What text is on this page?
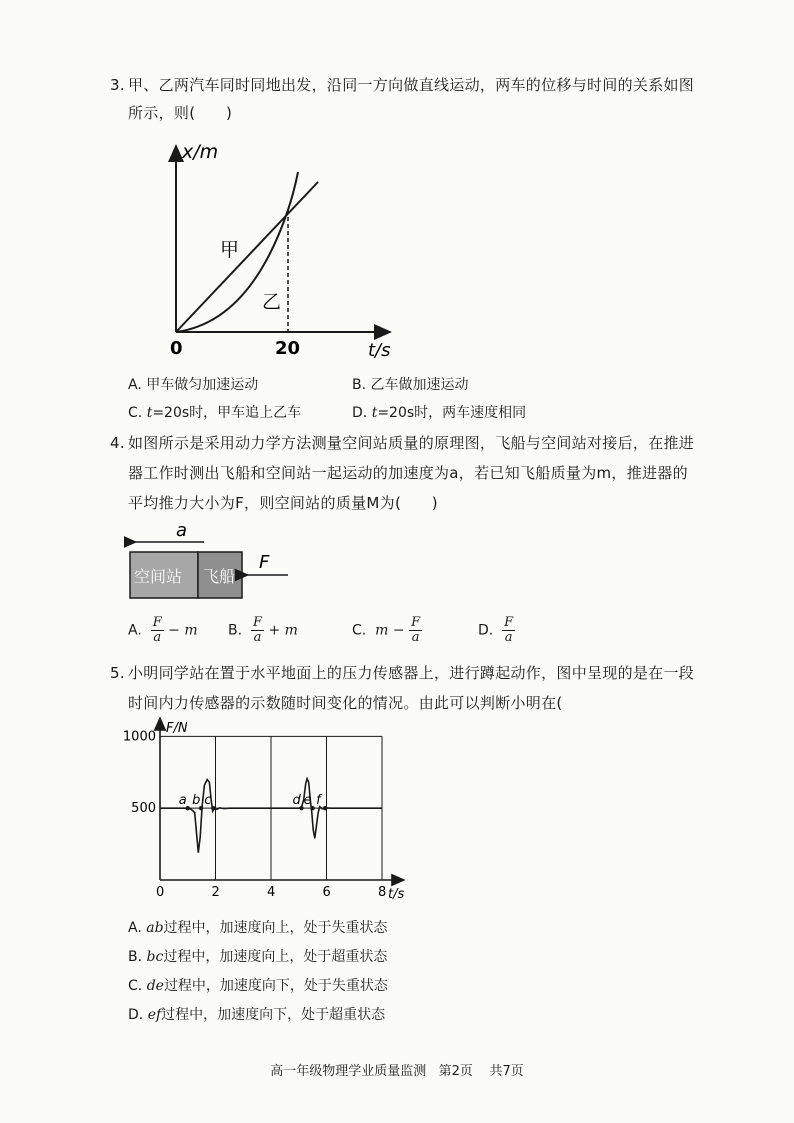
3. 甲、乙两汽车同时同地出发，沿同一方向做直线运动，两车的位移与时间的关系如图
所示，则(　　)
x/m
t/s
0	20
甲
乙
A. 甲车做匀加速运动	B. 乙车做加速运动
C. t=20s时，甲车追上乙车	D. t=20s时，两车速度相同
4. 如图所示是采用动力学方法测量空间站质量的原理图，飞船与空间站对接后，在推进
器工作时测出飞船和空间站一起运动的加速度为a，若已知飞船质量为m，推进器的
平均推力大小为F，则空间站的质量M为(　　)
a
空间站 飞船
F
A. $\frac{F}{a} - m$ B. $\frac{F}{a} + m$	C. $m - \frac{F}{a}$	D. $\frac{F}{a}$
5. 小明同学站在置于水平地面上的压力传感器上，进行蹲起动作，图中呈现的是在一段
时间内力传感器的示数随时间变化的情况。由此可以判断小明在(
F/N
t/s
0	2	4	6	8
500
1000
a b c	d e f
A. ab过程中，加速度向上，处于失重状态
B. bc过程中，加速度向上，处于超重状态
C. de过程中，加速度向下，处于失重状态
D. ef过程中，加速度向下，处于超重状态
高一年级物理学业质量监测 第2页 共7页
